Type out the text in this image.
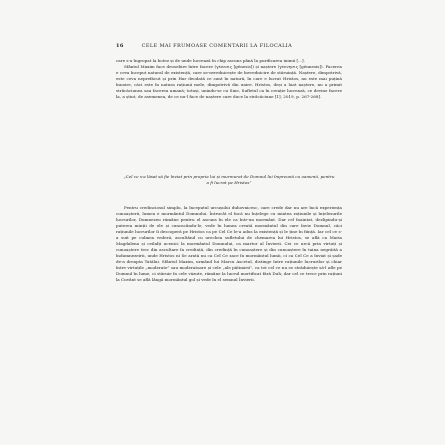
16	CELE MAI FRUMOASE COMENTARII LA FILOCALIA

care s-a îngropat la botez și de unde lucrează în chip ascuns până la purificarea inimii [...].

Sfântul Maxim face deosebire între facere (γένεσις [génesis]) și naștere (γέννησις [génnesis]). Facerea e ceva început natural de existență, care se-nvrednicește de învrednicire de stăruință. Naștere, dimpotrivă, este ceva neprefăcut și prin Har deodată ce sunt în natură, în care e lucrat Hristos, nu este mai puțină înnoire, căci este în natura rațiunii mele, dimpotrivă din unire. Hristos, deși a luat naștere, nu a primit strâcăciunea sau facerea umană; totuși, unindu-se cu Sine, Sufletul ca în creație lucrează, ce devine facere la, a știut, de asemenea, de ce nu-l face de naștere care duce la strâcăciune [1], 2019, p. 267-268].

„Cel ce s-a lăsat să fie înviat prin propria lui și murmurat de Domnul lui împreună cu oamenii, pentru a fi lucrat pe Hristos”

Pentru credinciosul simplu, la începutul urcușului duhovnicesc, care crede dar nu are încă experiența cunoașterii, lumea e mormântul Domnului. Întrucât el încă nu înțelege cu mintea rațiunile și înțelesurile lucrurilor, Dumnezeu rămâne pentru el ascuns în ele ca într-un mormânt. Dar cel înaintat, dezlipindu-și puterea minții de ele și cunoscându-le, vede în lumea creată mormântul din care învie Domnul, căci rațiunile lucrurilor îi descoperă pe Hristos ca pe Cel Ce le-a adus la existență și le ține în ființă. Iar cel ce s-a suit pe culmea vederii, ascultând cu urechea sufletului de chemarea lui Hristos, se află ca Maria Magdalena și ceilalți ucenici la mormântul Domnului, ca martor al Învierii. Cei ce urcă prin virtuți și cunoaștere trec din ascultare în credință, din credință în cunoaștere și din cunoaștere în taina negrăită a îndumnezeirii, unde Hristos ni Se arată nu ca Cel Ce zace în mormântul lumii, ci ca Cel Ce a înviat și șade de-a dreapta Tatălui. Sfântul Maxim, urmând lui Marcu Ascetul, distinge între rațiunile lucrurilor și chiar între virtuțile „moderate” sau moderatoare și cele „ale pătimirii”, ca tot cel ce nu se străduiește să-l afle pe Domnul în lume, ci stăruie în cele văzute, rămâne la lucrul mortificat fără Duh; dar cel ce trece prin rațiuni la Cuvânt se află lângă mormântul gol și vede în el semnul Învierii.
